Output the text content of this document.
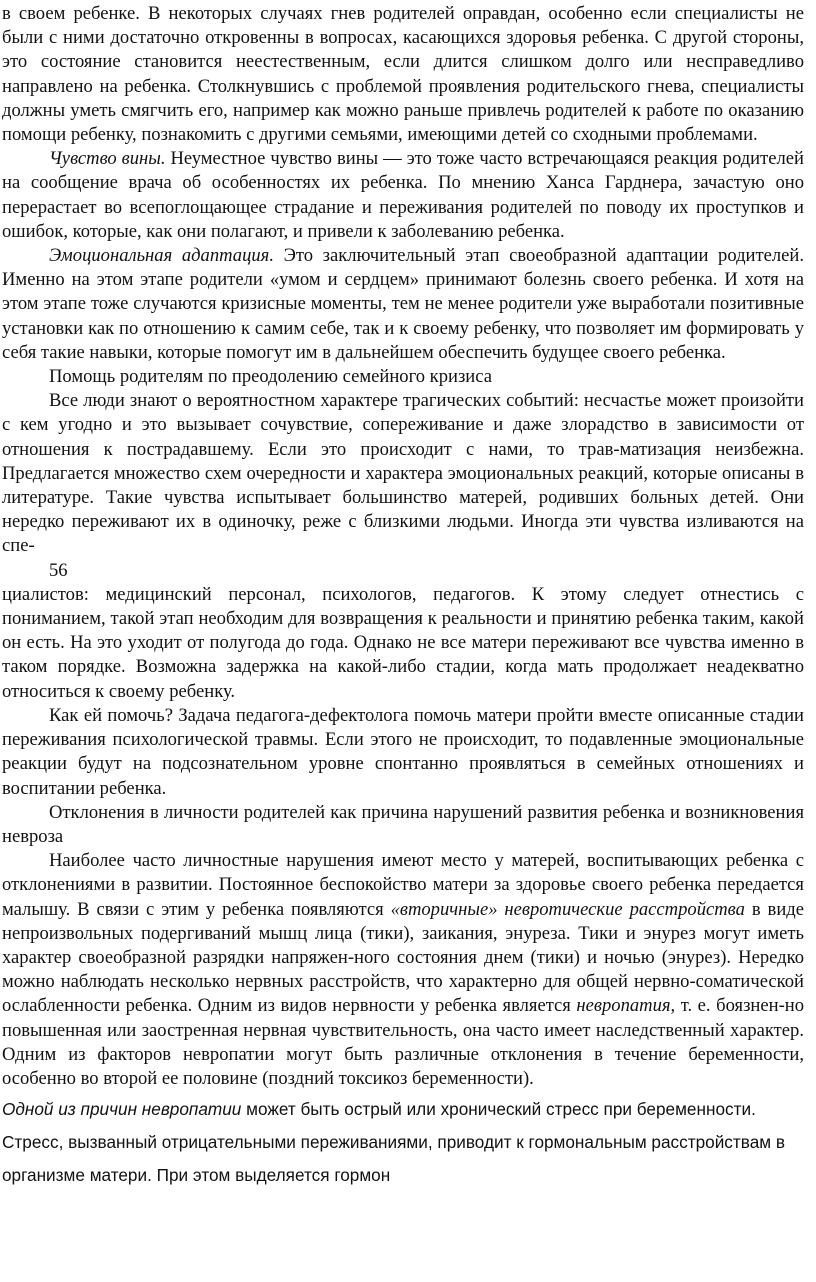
в своем ребенке. В некоторых случаях гнев родителей оправдан, особенно если специалисты не были с ними достаточно откровенны в вопросах, касающихся здоровья ребенка. С другой стороны, это состояние становится неестественным, если длится слишком долго или несправедливо направлено на ребенка. Столкнувшись с проблемой проявления родительского гнева, специалисты должны уметь смягчить его, например как можно раньше привлечь родителей к работе по оказанию помощи ребенку, познакомить с другими семьями, имеющими детей со сходными проблемами.

Чувство вины. Неуместное чувство вины — это тоже часто встречающаяся реакция родителей на сообщение врача об особенностях их ребенка. По мнению Ханса Гарднера, зачастую оно перерастает во всепоглощающее страдание и переживания родителей по поводу их проступков и ошибок, которые, как они полагают, и привели к заболеванию ребенка.

Эмоциональная адаптация. Это заключительный этап своеобразной адаптации родителей. Именно на этом этапе родители «умом и сердцем» принимают болезнь своего ребенка. И хотя на этом этапе тоже случаются кризисные моменты, тем не менее родители уже выработали позитивные установки как по отношению к самим себе, так и к своему ребенку, что позволяет им формировать у себя такие навыки, которые помогут им в дальнейшем обеспечить будущее своего ребенка.

Помощь родителям по преодолению семейного кризиса

Все люди знают о вероятностном характере трагических событий: несчастье может произойти с кем угодно и это вызывает сочувствие, сопереживание и даже злорадство в зависимости от отношения к пострадавшему. Если это происходит с нами, то трав-матизация неизбежна. Предлагается множество схем очередности и характера эмоциональных реакций, которые описаны в литературе. Такие чувства испытывает большинство матерей, родивших больных детей. Они нередко переживают их в одиночку, реже с близкими людьми. Иногда эти чувства изливаются на спе-

56

циалистов: медицинский персонал, психологов, педагогов. К этому следует отнестись с пониманием, такой этап необходим для возвращения к реальности и принятию ребенка таким, какой он есть. На это уходит от полугода до года. Однако не все матери переживают все чувства именно в таком порядке. Возможна задержка на какой-либо стадии, когда мать продолжает неадекватно относиться к своему ребенку.

Как ей помочь? Задача педагога-дефектолога помочь матери пройти вместе описанные стадии переживания психологической травмы. Если этого не происходит, то подавленные эмоциональные реакции будут на подсознательном уровне спонтанно проявляться в семейных отношениях и воспитании ребенка.

Отклонения в личности родителей как причина нарушений развития ребенка и возникновения невроза

Наиболее часто личностные нарушения имеют место у матерей, воспитывающих ребенка с отклонениями в развитии. Постоянное беспокойство матери за здоровье своего ребенка передается малышу. В связи с этим у ребенка появляются «вторичные» невротические расстройства в виде непроизвольных подергиваний мышц лица (тики), заикания, энуреза. Тики и энурез могут иметь характер своеобразной разрядки напряжен-ного состояния днем (тики) и ночью (энурез). Нередко можно наблюдать несколько нервных расстройств, что характерно для общей нервно-соматической ослабленности ребенка. Одним из видов нервности у ребенка является невропатия, т. е. боязнен-но повышенная или заостренная нервная чувствительность, она часто имеет наследственный характер. Одним из факторов невропатии могут быть различные отклонения в течение беременности, особенно во второй ее половине (поздний токсикоз беременности).

Одной из причин невропатии может быть острый или хронический стресс при беременности. Стресс, вызванный отрицательными переживаниями, приводит к гормональным расстройствам в организме матери. При этом выделяется гормон
